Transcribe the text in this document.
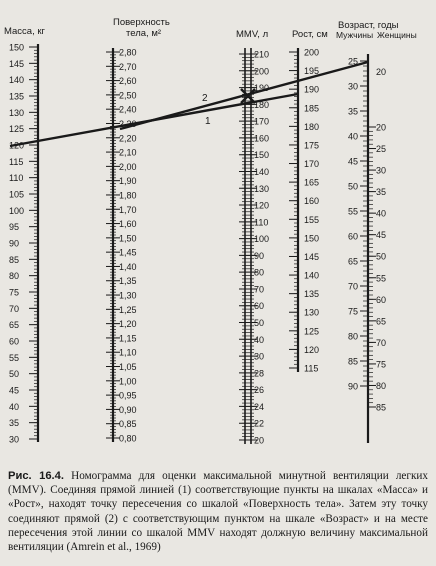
150
145
140
135
130
125
120
115
110
105
100
95
90
85
80
75
70
65
60
55
50
45
40
35
30
2,80
2,70
2,60
2,50
2,40
2,30
2,20
2,10
2,00
1,90
1,80
1,70
1,60
1,50
1,45
1,40
1,35
1,30
1,25
1,20
1,15
1,10
1,05
1,00
0,95
0,90
0,85
0,80
210
200
190
180
170
160
150
140
130
120
110
100
90
80
70
60
50
40
30
28
26
24
22
20
200
195
190
185
180
175
170
165
160
155
150
145
140
135
130
125
120
115
25
30
35
40
45
50
55
60
65
70
75
80
85
90
20
25
30
35
40
45
50
55
60
65
70
75
80
85
20
Масса, кг
Поверхность
тела, м²	MMV, л	Рост, см
Возраст, годы
Мужчины Женщины
2
1
Рис. 16.4. Номограмма для оценки максимальной минутной вентиляции легких (MMV). Соединяя прямой линией (1) соответствующие пункты на шкалах «Масса» и «Рост», находят точку пересечения со шкалой «Поверхность тела». Затем эту точку соединяют прямой (2) с соответствующим пунктом на шкале «Возраст» и на месте пересечения этой линии со шкалой MMV находят должную величину максимальной вентиляции (Amrein et al., 1969)
